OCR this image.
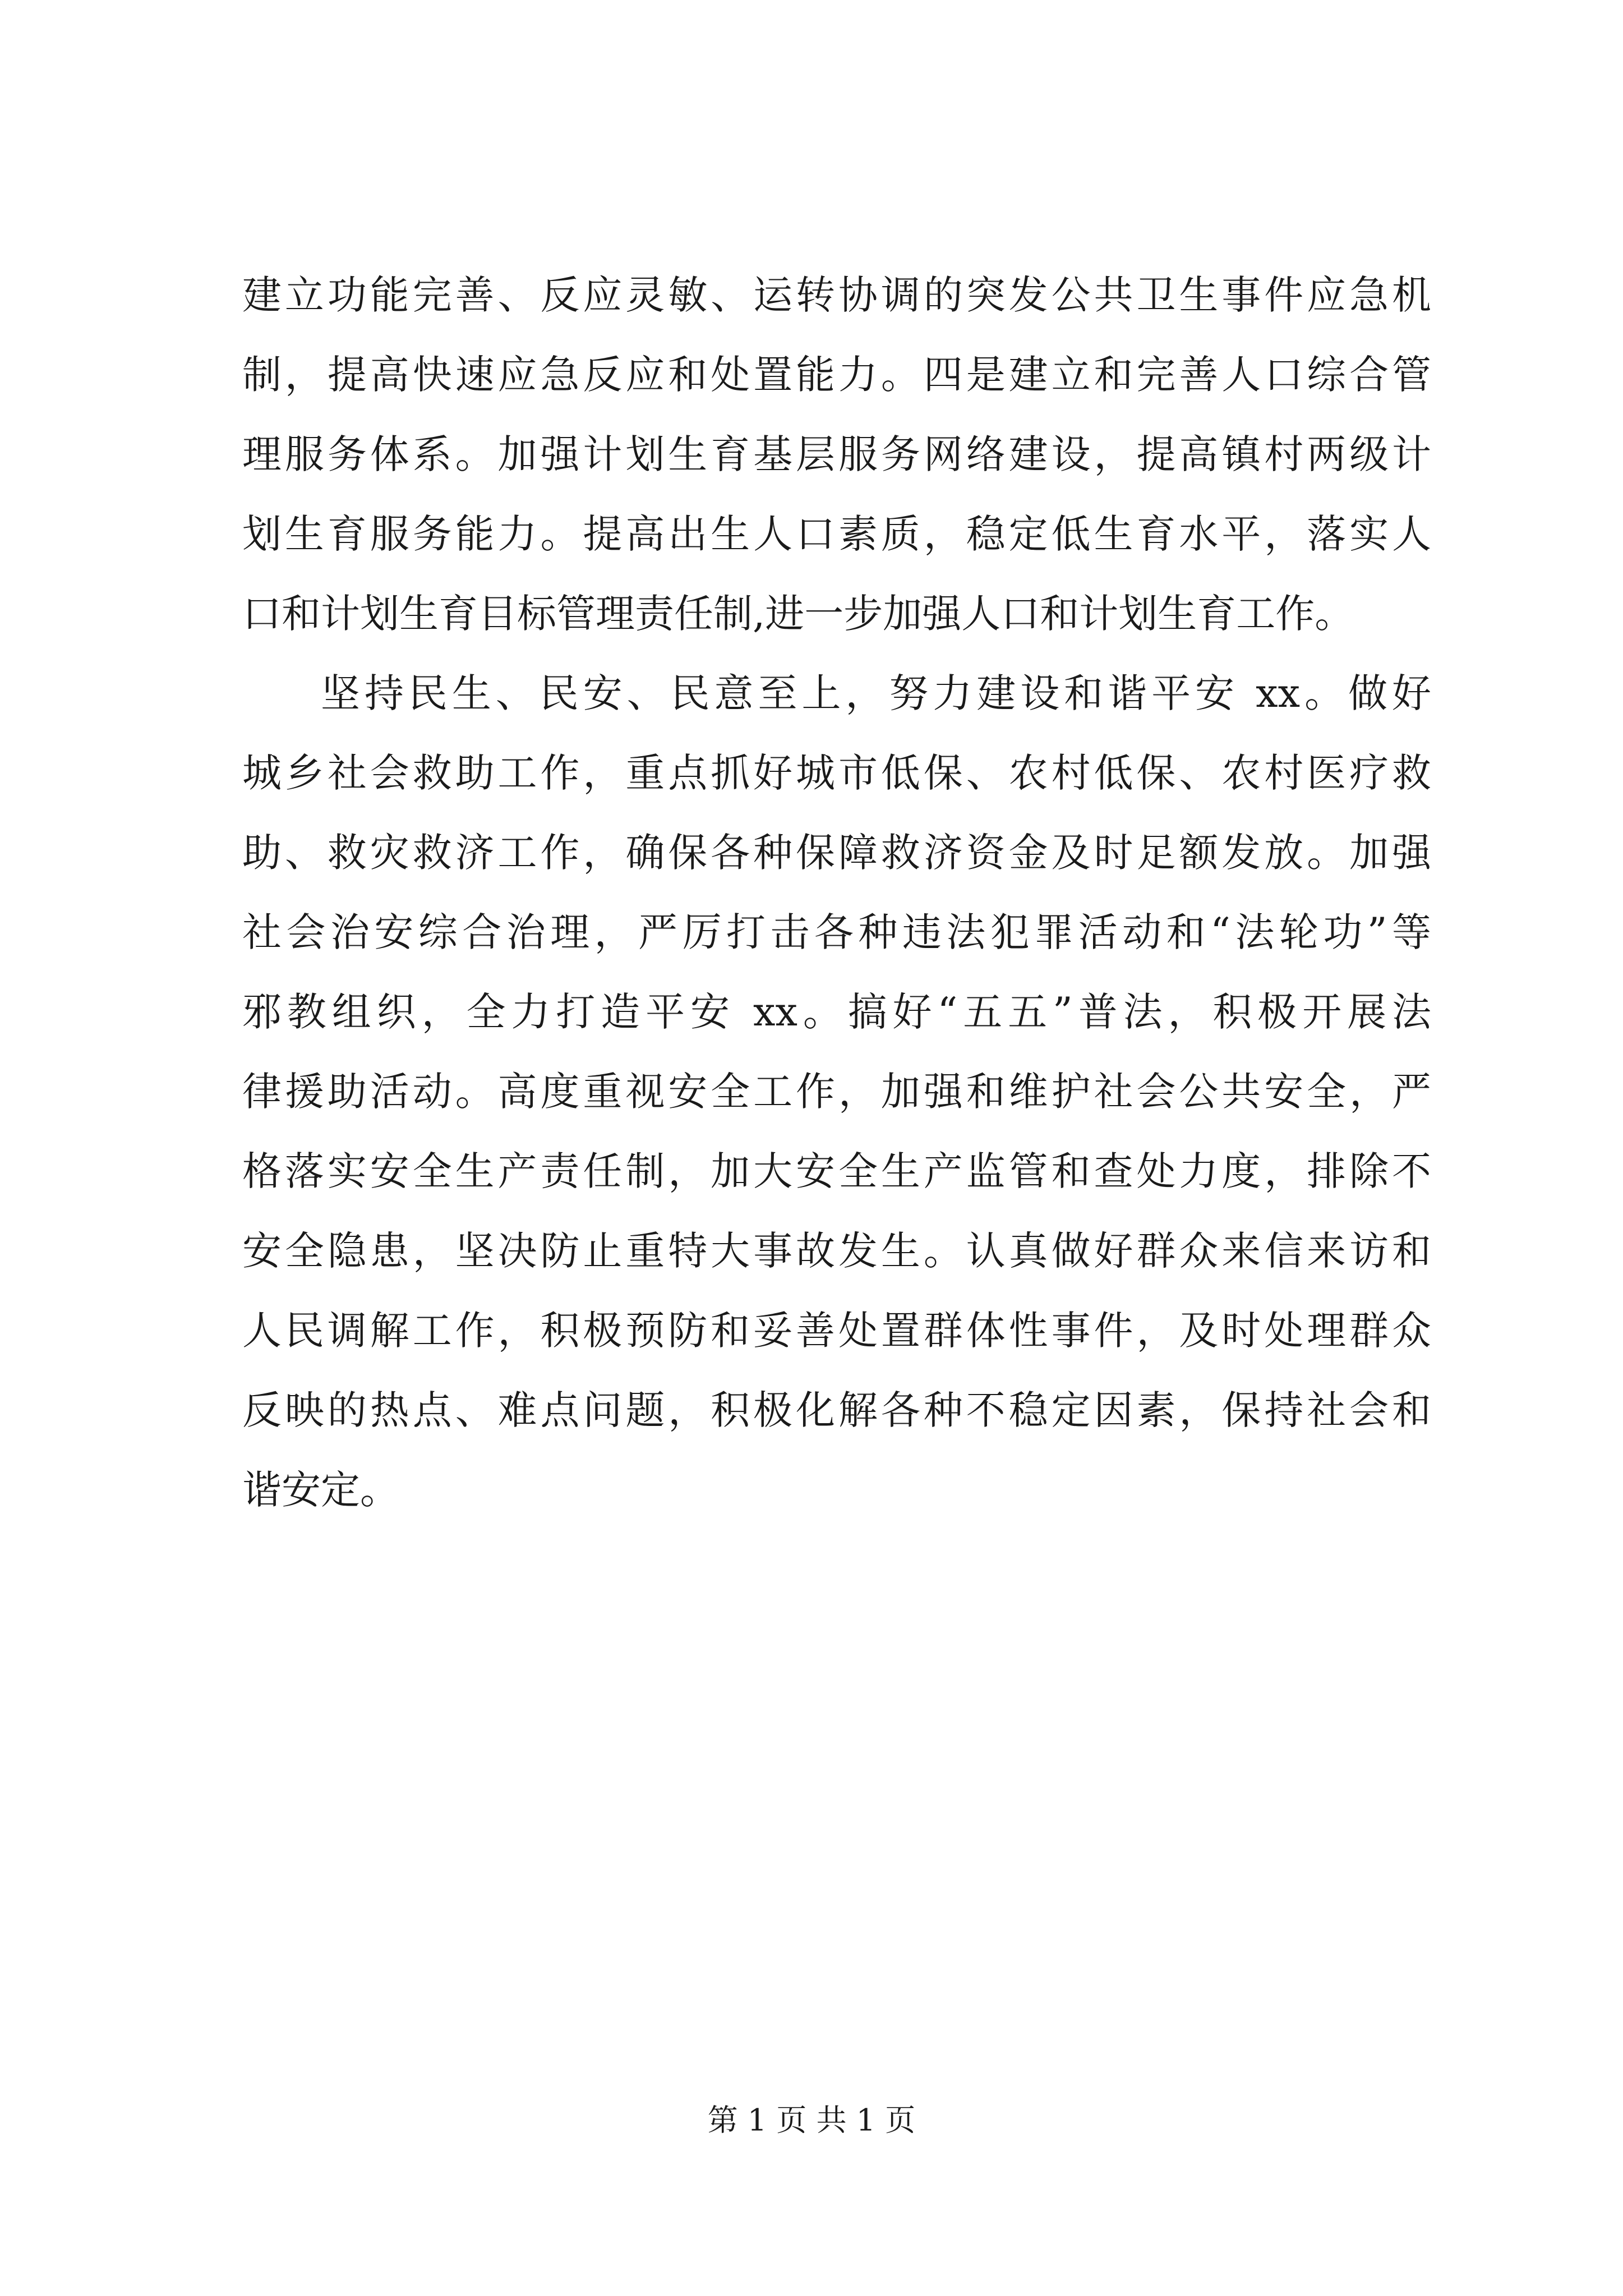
建立功能完善、反应灵敏、运转协调的突发公共卫生事件应急机
制，提高快速应急反应和处置能力。四是建立和完善人口综合管
理服务体系。加强计划生育基层服务网络建设，提高镇村两级计
划生育服务能力。提高出生人口素质，稳定低生育水平，落实人
口和计划生育目标管理责任制,进一步加强人口和计划生育工作。
坚持民生、民安、民意至上，努力建设和谐平安 xx。做好
城乡社会救助工作，重点抓好城市低保、农村低保、农村医疗救
助、救灾救济工作，确保各种保障救济资金及时足额发放。加强
社会治安综合治理，严厉打击各种违法犯罪活动和“法轮功”等
邪教组织，全力打造平安 xx。搞好“五五”普法，积极开展法
律援助活动。高度重视安全工作，加强和维护社会公共安全，严
格落实安全生产责任制，加大安全生产监管和查处力度，排除不
安全隐患，坚决防止重特大事故发生。认真做好群众来信来访和
人民调解工作，积极预防和妥善处置群体性事件，及时处理群众
反映的热点、难点问题，积极化解各种不稳定因素，保持社会和
谐安定。
第 1 页 共 1 页
